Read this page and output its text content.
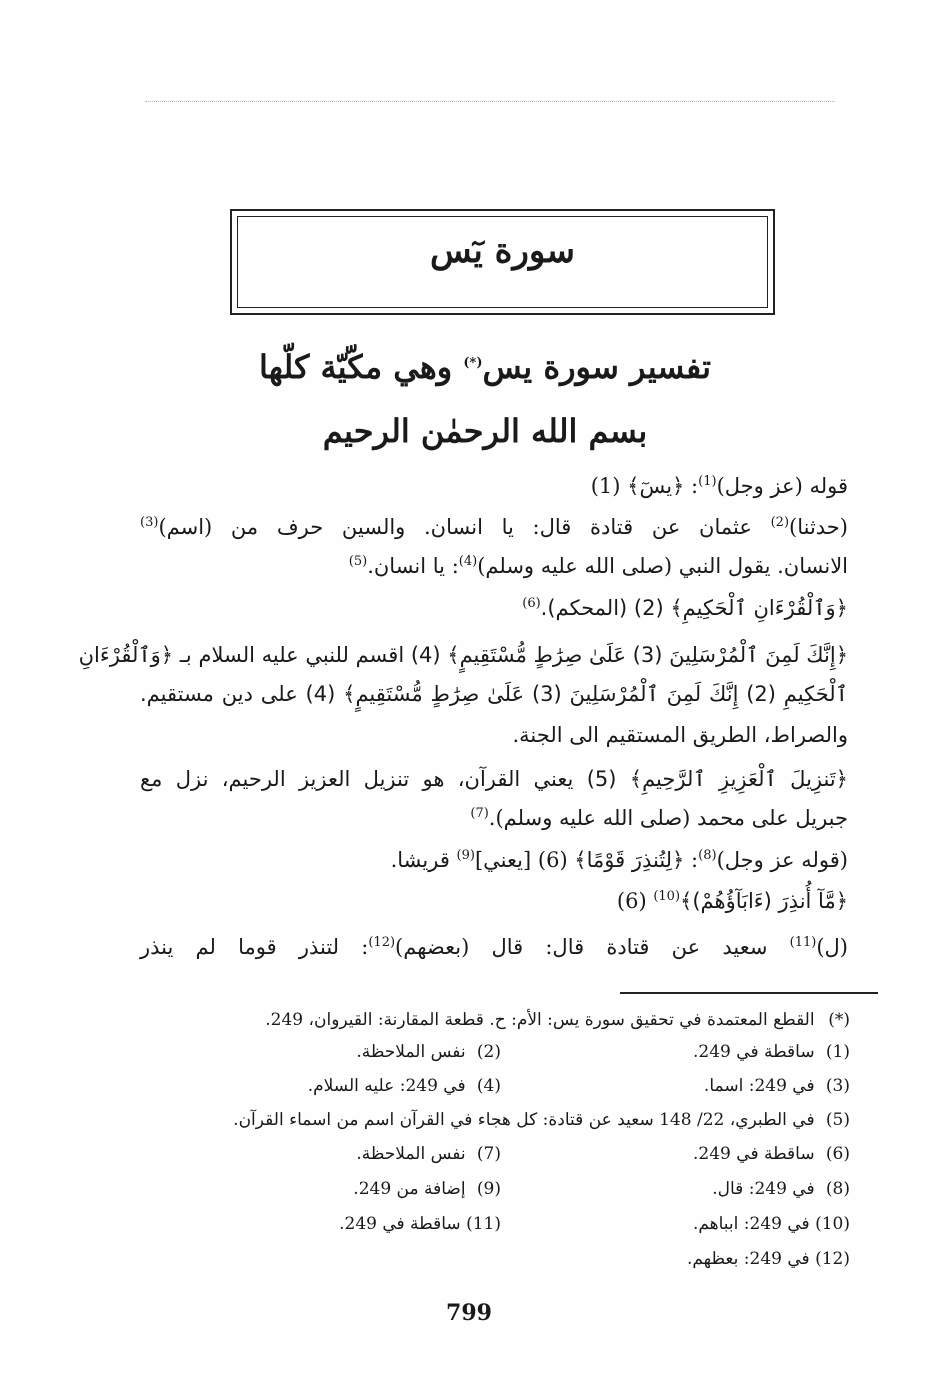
سورة يٓس
تفسير سورة يس(*) وهي مكّيّة كلّها
بسم الله الرحمٰن الرحيم
قوله (عز وجل)$^{(1)}$: ﴿يسٓ﴾ (1)
(حدثنا)$^{(2)}$ عثمان عن قتادة قال: يا انسان. والسين حرف من (اسم)$^{(3)}$
الانسان. يقول النبي (صلى الله عليه وسلم)$^{(4)}$: يا انسان.$^{(5)}$
﴿وَٱلْقُرْءَانِ ٱلْحَكِيمِ﴾ (2) (المحكم).$^{(6)}$
﴿إِنَّكَ لَمِنَ ٱلْمُرْسَلِينَ (3) عَلَىٰ صِرَٰطٍ مُّسْتَقِيمٍ﴾ (4) اقسم للنبي عليه السلام بـ ﴿وَٱلْقُرْءَانِ
ٱلْحَكِيمِ (2) إِنَّكَ لَمِنَ ٱلْمُرْسَلِينَ (3) عَلَىٰ صِرَٰطٍ مُّسْتَقِيمٍ﴾ (4) على دين مستقيم.
والصراط، الطريق المستقيم الى الجنة.
﴿تَنزِيلَ ٱلْعَزِيزِ ٱلرَّحِيمِ﴾ (5) يعني القرآن، هو تنزيل العزيز الرحيم، نزل مع
جبريل على محمد (صلى الله عليه وسلم).$^{(7)}$
(قوله عز وجل)$^{(8)}$: ﴿لِتُنذِرَ قَوْمًا﴾ (6) [يعني]$^{(9)}$ قريشا.
﴿مَّآ أُنذِرَ (ءَابَآؤُهُمْ)﴾$^{(10)}$ (6)
(ل)$^{(11)}$ سعيد عن قتادة قال: قال (بعضهم)$^{(12)}$: لتنذر قوما لم ينذر
(*) القطع المعتمدة في تحقيق سورة يس: الأم: ح. قطعة المقارنة: القيروان، 249.
(1) ساقطة في 249.
(2) نفس الملاحظة.
(3) في 249: اسما.
(4) في 249: عليه السلام.
(5) في الطبري، 22/ 148 سعيد عن قتادة: كل هجاء في القرآن اسم من اسماء القرآن.
(6) ساقطة في 249.
(7) نفس الملاحظة.
(8) في 249: قال.
(9) إضافة من 249.
(10) في 249: ابباهم.
(11) ساقطة في 249.
(12) في 249: بعظهم.
799
